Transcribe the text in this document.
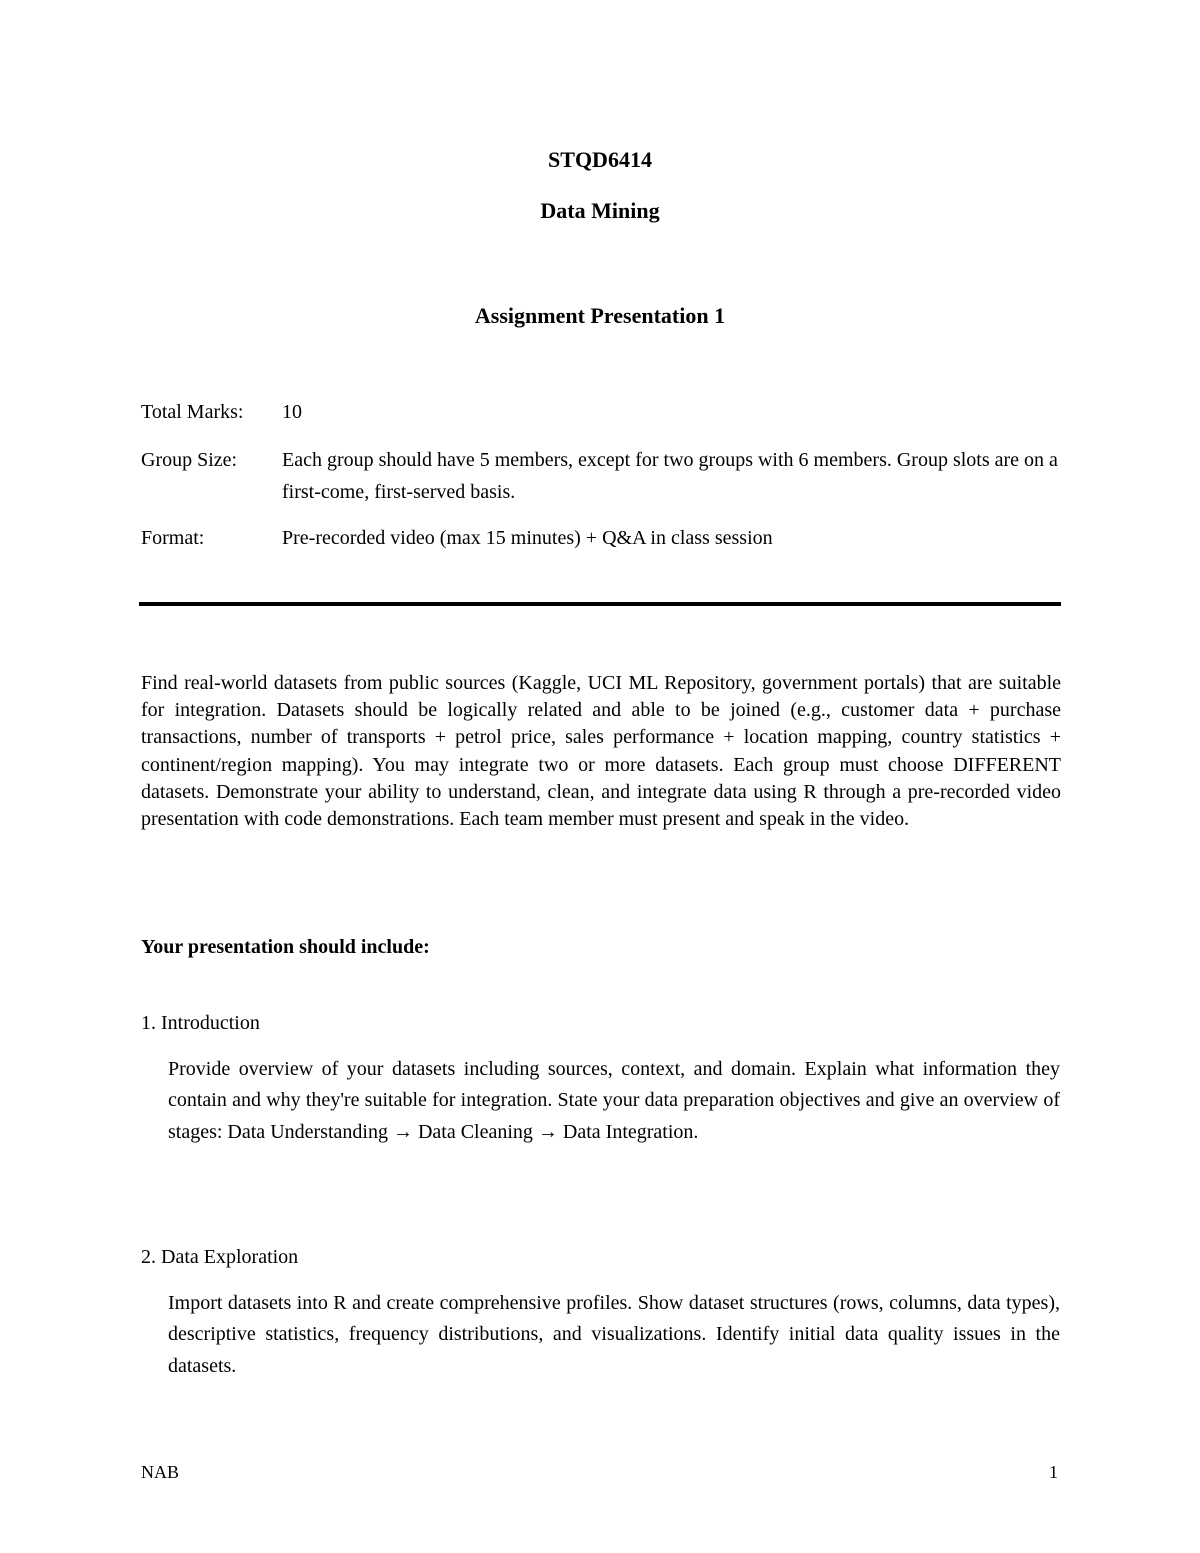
STQD6414
Data Mining
Assignment Presentation 1
Total Marks: 10
Group Size: Each group should have 5 members, except for two groups with 6 members. Group slots are on a first-come, first-served basis.
Format:	Pre-recorded video (max 15 minutes) + Q&A in class session
Find real-world datasets from public sources (Kaggle, UCI ML Repository, government portals) that are suitable for integration. Datasets should be logically related and able to be joined (e.g., customer data + purchase transactions, number of transports + petrol price, sales performance + location mapping, country statistics + continent/region mapping). You may integrate two or more datasets. Each group must choose DIFFERENT datasets. Demonstrate your ability to understand, clean, and integrate data using R through a pre-recorded video presentation with code demonstrations. Each team member must present and speak in the video.
Your presentation should include:
1. Introduction
Provide overview of your datasets including sources, context, and domain. Explain what information they contain and why they're suitable for integration. State your data preparation objectives and give an overview of stages: Data Understanding → Data Cleaning → Data Integration.
2. Data Exploration
Import datasets into R and create comprehensive profiles. Show dataset structures (rows, columns, data types), descriptive statistics, frequency distributions, and visualizations. Identify initial data quality issues in the datasets.
NAB	1
